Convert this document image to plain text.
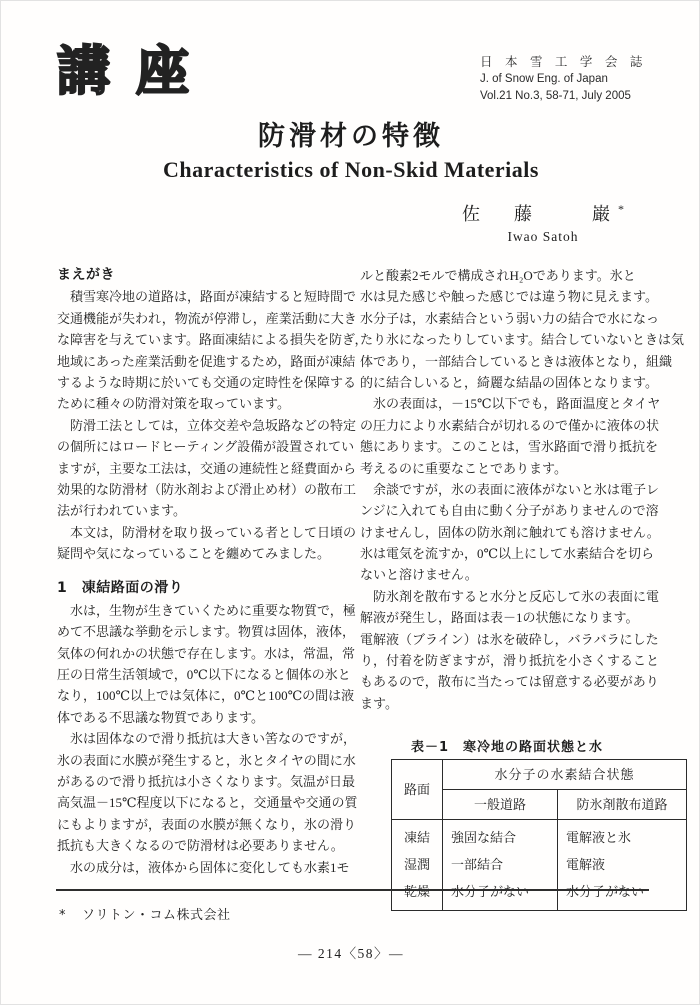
講座	日 本 雪 工 学 会 誌
J. of Snow Eng. of Japan
Vol.21 No.3, 58-71, July 2005
防滑材の特徴
Characteristics of Non-Skid Materials
佐　藤　　巌*
Iwao Satoh
まえがき
　積雪寒冷地の道路は，路面が凍結すると短時間で
交通機能が失われ，物流が停滞し，産業活動に大き
な障害を与えています。路面凍結による損失を防ぎ，
地域にあった産業活動を促進するため，路面が凍結
するような時期に於いても交通の定時性を保障する
ために種々の防滑対策を取っています。
　防滑工法としては，立体交差や急坂路などの特定
の個所にはロードヒーティング設備が設置されてい
ますが，主要な工法は，交通の連続性と経費面から
効果的な防滑材（防氷剤および滑止め材）の散布工
法が行われています。
　本文は，防滑材を取り扱っている者として日頃の
疑問や気になっていることを纏めてみました。
1　凍結路面の滑り
　水は，生物が生きていくために重要な物質で，極
めて不思議な挙動を示します。物質は固体，液体，
気体の何れかの状態で存在します。水は，常温，常
圧の日常生活領域で，0℃以下になると個体の氷と
なり，100℃以上では気体に，0℃と100℃の間は液
体である不思議な物質であります。
　氷は固体なので滑り抵抗は大きい筈なのですが，
氷の表面に水膜が発生すると，氷とタイヤの間に水
があるので滑り抵抗は小さくなります。気温が日最
高気温－15℃程度以下になると，交通量や交通の質
にもよりますが，表面の水膜が無くなり，氷の滑り
抵抗も大きくなるので防滑材は必要ありません。
　水の成分は，液体から固体に変化しても水素1モ
ルと酸素2モルで構成されH₂Oであります。氷と
水は見た感じや触った感じでは違う物に見えます。
水分子は，水素結合という弱い力の結合で水になっ
たり氷になったりしています。結合していないときは気
体であり，一部結合しているときは液体となり，組織
的に結合しいると，綺麗な結晶の固体となります。
　氷の表面は，－15℃以下でも，路面温度とタイヤ
の圧力により水素結合が切れるので僅かに液体の状
態にあります。このことは，雪氷路面で滑り抵抗を
考えるのに重要なことであります。
　余談ですが，氷の表面に液体がないと氷は電子レ
ンジに入れても自由に動く分子がありませんので溶
けませんし，固体の防氷剤に触れても溶けません。
氷は電気を流すか，0℃以上にして水素結合を切ら
ないと溶けません。
　防氷剤を散布すると水分と反応して氷の表面に電
解液が発生し，路面は表－1の状態になります。
電解液（ブライン）は氷を破砕し，バラバラにした
り，付着を防ぎますが，滑り抵抗を小さくすること
もあるので，散布に当たっては留意する必要があり
ます。
表－1　 寒冷地の路面状態と水
路面	水分子の水素結合状態	
	一般道路	防氷剤散布道路
凍結	強固な結合	電解液と氷
湿潤	一部結合	電解液
乾燥	水分子がない	水分子がない
* ソリトン・コム株式会社
— 214〈58〉—
